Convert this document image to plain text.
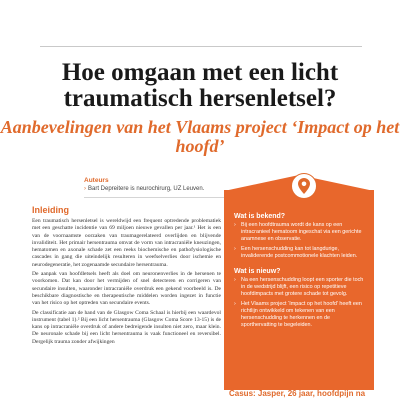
Hoe omgaan met een licht traumatisch hersenletsel?
Aanbevelingen van het Vlaams project ‘Impact op het hoofd’
Auteurs
› Bart Depreitere is neurochirurg, UZ Leuven.
Inleiding

Een traumatisch hersenletsel is wereldwijd een frequent optredende problematiek met een geschatte incidentie van 69 miljoen nieuwe gevallen per jaar.¹ Het is een van de voornaamste oorzaken van traumagerelateerd overlijden en blijvende invaliditeit. Het primair hersentrauma omvat de vorm van intracraniële kneuzingen, hematomen en axonale schade zet een reeks biochemische en pathofysiologische cascades in gang die uiteindelijk resulteren in weefselverlies door ischemie en neurodegeneratie, het zogenaamde secundaire hersentrauma.

De aanpak van hoofdletsels heeft als doel om neuronenverlies in de hersenen te voorkomen. Dat kan door het vermijden of snel detecteren en corrigeren van secundaire insulten, waaronder intracraniële overdruk een gekend voorbeeld is. De beschikbare diagnostische en therapeutische middelen worden ingezet in functie van het risico op het optreden van secundaire events.

De classificatie aan de hand van de Glasgow Coma Schaal is hierbij een waardevol instrument (tabel 1).² Bij een licht hersentrauma (Glasgow Coma Score 13-15) is de kans op intracraniële overdruk of andere bedreigende insulten niet zero, maar klein. De neuronale schade bij een licht hersentrauma is vaak functioneel en reversibel. Dergelijk trauma zonder afwijkingen

Wat is bekend?
› Bij een hoofdtrauma wordt de kans op een intracranieel hematoom ingeschat via een gerichte anamnese en observatie.
› Een hersenschudding kan tot langdurige, invaliderende postcommotionele klachten leiden.
Wat is nieuw?
› Na een hersenschudding loopt een sporter die toch in de wedstrijd blijft, een risico op repetitieve hoofdimpacts met grotere schade tot gevolg.
› Het Vlaams project ‘Impact op het hoofd’ heeft een richtlijn ontwikkeld om tekenen van een hersenschudding te herkennen en de sporthervatting te begeleiden.
Casus: Jasper, 26 jaar, hoofdpijn na
